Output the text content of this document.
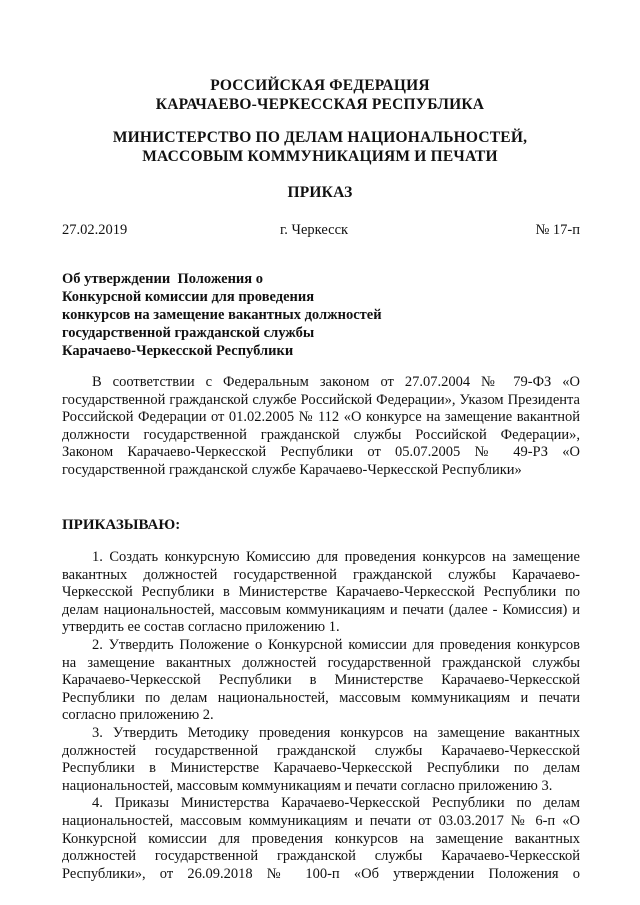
РОССИЙСКАЯ ФЕДЕРАЦИЯ
КАРАЧАЕВО-ЧЕРКЕССКАЯ РЕСПУБЛИКА
МИНИСТЕРСТВО ПО ДЕЛАМ НАЦИОНАЛЬНОСТЕЙ,
МАССОВЫМ КОММУНИКАЦИЯМ И ПЕЧАТИ
ПРИКАЗ
27.02.2019	г. Черкесск	№ 17-п
Об утверждении  Положения о
Конкурсной комиссии для проведения
конкурсов на замещение вакантных должностей
государственной гражданской службы
Карачаево-Черкесской Республики
В соответствии с Федеральным законом от 27.07.2004 № 79-ФЗ «О государственной гражданской службе Российской Федерации», Указом Президента Российской Федерации от 01.02.2005 № 112 «О конкурсе на замещение вакантной должности государственной гражданской службы Российской Федерации», Законом Карачаево-Черкесской Республики от 05.07.2005 № 49-РЗ «О государственной гражданской службе Карачаево-Черкесской Республики»
ПРИКАЗЫВАЮ:

1. Создать конкурсную Комиссию для проведения конкурсов на замещение вакантных должностей государственной гражданской службы Карачаево-Черкесской Республики в Министерстве Карачаево-Черкесской Республики по делам национальностей, массовым коммуникациям и печати (далее - Комиссия) и утвердить ее состав согласно приложению 1.

2. Утвердить Положение о Конкурсной комиссии для проведения конкурсов на замещение вакантных должностей государственной гражданской службы Карачаево-Черкесской Республики в Министерстве Карачаево-Черкесской Республики по делам национальностей, массовым коммуникациям и печати согласно приложению 2.

3. Утвердить Методику проведения конкурсов на замещение вакантных должностей государственной гражданской службы Карачаево-Черкесской Республики в Министерстве Карачаево-Черкесской Республики по делам национальностей, массовым коммуникациям и печати согласно приложению 3.

4. Приказы Министерства Карачаево-Черкесской Республики по делам национальностей, массовым коммуникациям и печати от 03.03.2017 № 6-п «О Конкурсной комиссии для проведения конкурсов на замещение вакантных должностей государственной гражданской службы Карачаево-Черкесской Республики», от 26.09.2018 № 100-п «Об утверждении Положения о
